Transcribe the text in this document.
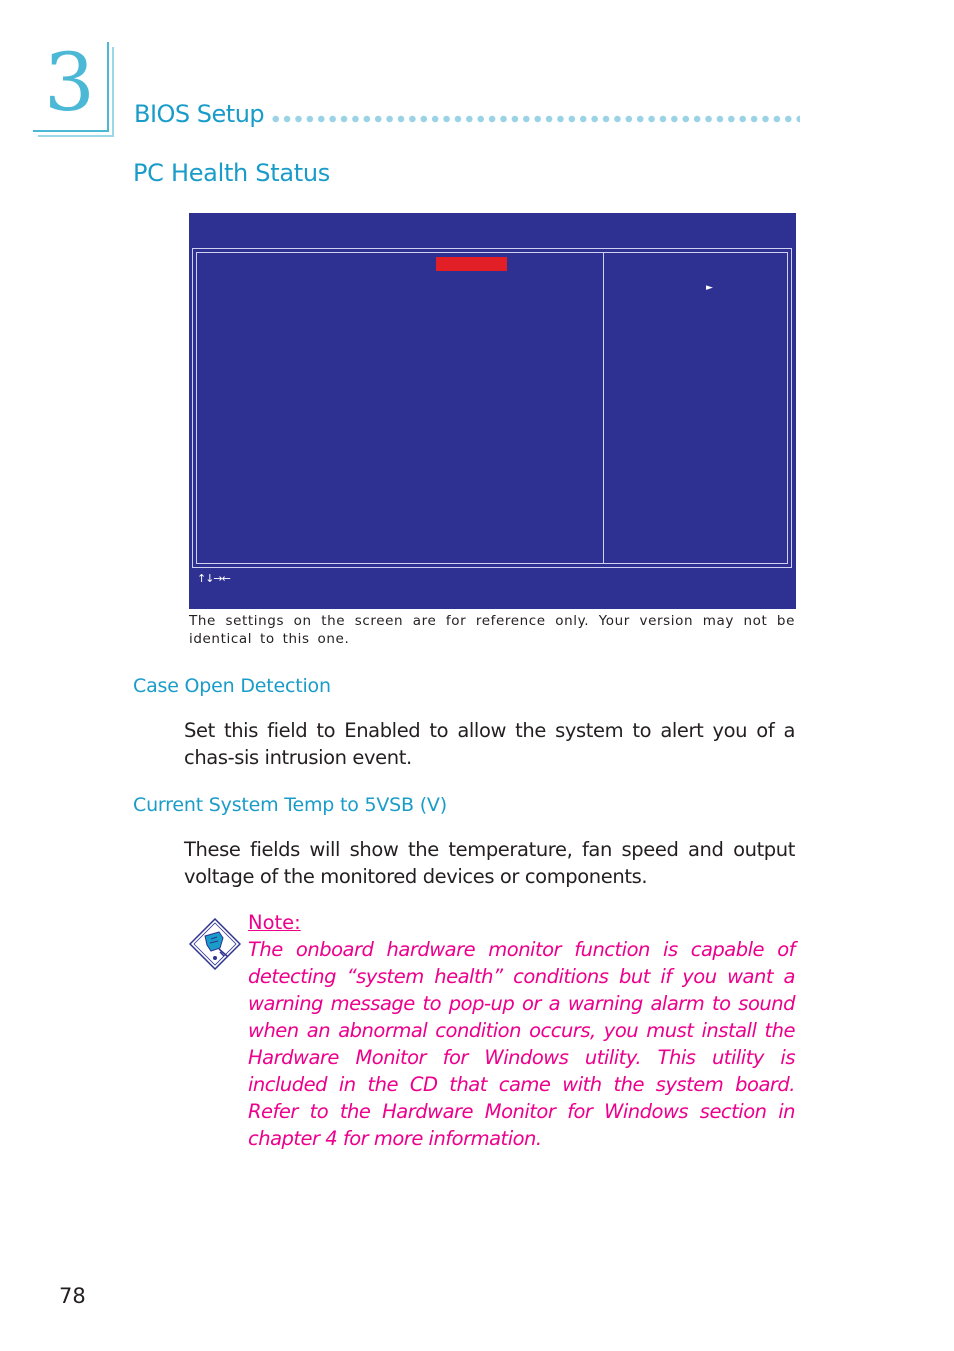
3	BIOS Setup
PC Health Status
►
↑↓→←
The settings on the screen are for reference only. Your version may not be identical to this one.
Case Open Detection
Set this field to Enabled to allow the system to alert you of a chas-sis intrusion event.
Current System Temp to 5VSB (V)
These fields will show the temperature, fan speed and output voltage of the monitored devices or components.
Note:
The onboard hardware monitor function is capable of detecting “system health” conditions but if you want a warning message to pop-up or a warning alarm to sound when an abnormal condition occurs, you must install the Hardware Monitor for Windows utility. This utility is included in the CD that came with the system board. Refer to the Hardware Monitor for Windows section in chapter 4 for more information.
78
